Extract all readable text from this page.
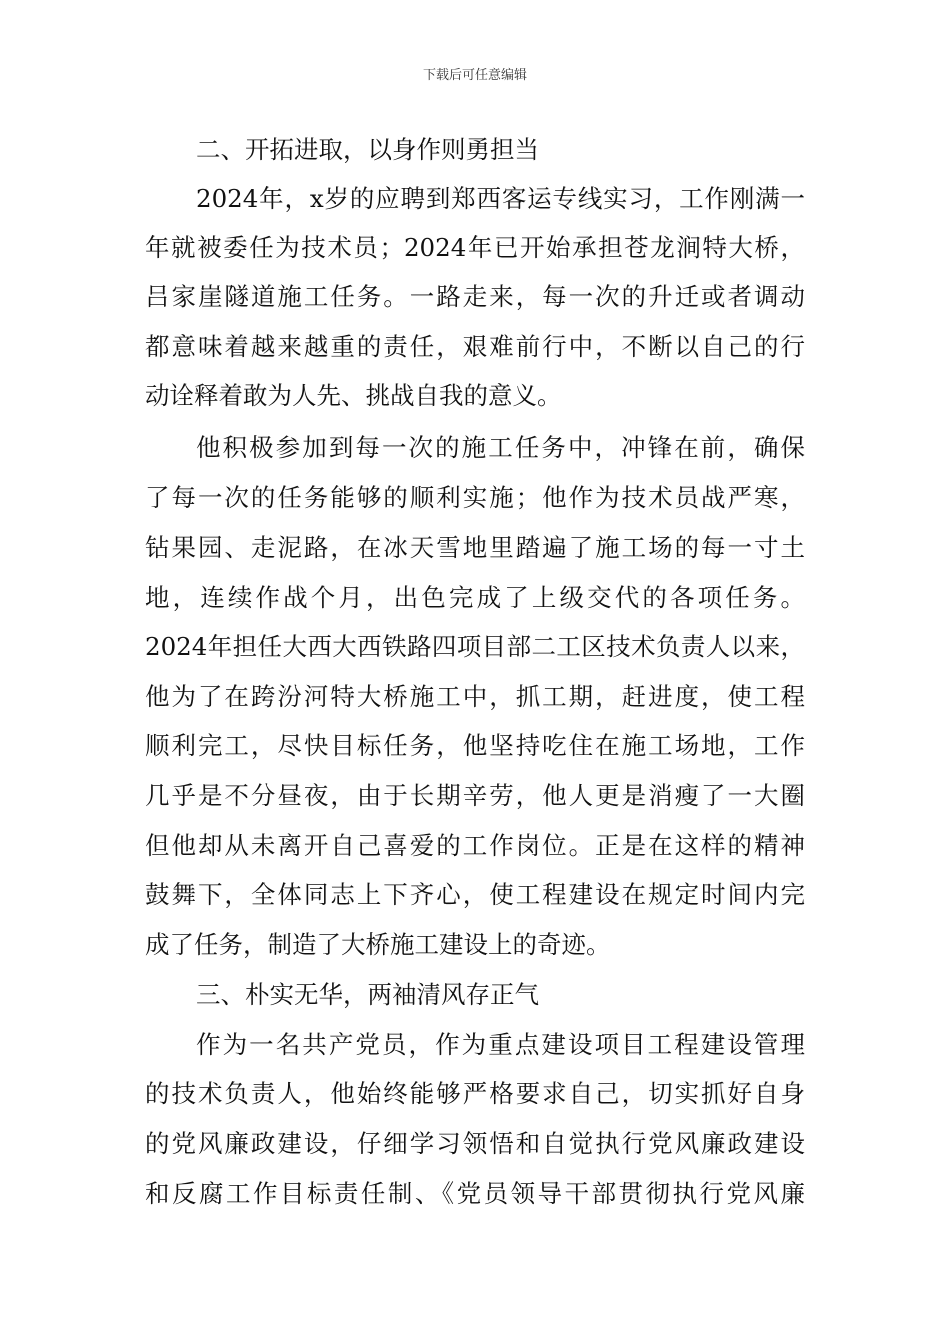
下载后可任意编辑
二、开拓进取，以身作则勇担当
2024年，x岁的应聘到郑西客运专线实习，工作刚满一
年就被委任为技术员；2024年已开始承担苍龙涧特大桥，
吕家崖隧道施工任务。一路走来，每一次的升迁或者调动
都意味着越来越重的责任，艰难前行中，不断以自己的行
动诠释着敢为人先、挑战自我的意义。
他积极参加到每一次的施工任务中，冲锋在前，确保
了每一次的任务能够的顺利实施；他作为技术员战严寒，
钻果园、走泥路，在冰天雪地里踏遍了施工场的每一寸土
地，连续作战个月，出色完成了上级交代的各项任务。
2024年担任大西大西铁路四项目部二工区技术负责人以来，
他为了在跨汾河特大桥施工中，抓工期，赶进度，使工程
顺利完工，尽快目标任务，他坚持吃住在施工场地，工作
几乎是不分昼夜，由于长期辛劳，他人更是消瘦了一大圈
但他却从未离开自己喜爱的工作岗位。正是在这样的精神
鼓舞下，全体同志上下齐心，使工程建设在规定时间内完
成了任务，制造了大桥施工建设上的奇迹。
三、朴实无华，两袖清风存正气
作为一名共产党员，作为重点建设项目工程建设管理
的技术负责人，他始终能够严格要求自己，切实抓好自身
的党风廉政建设，仔细学习领悟和自觉执行党风廉政建设
和反腐工作目标责任制、《党员领导干部贯彻执行党风廉
